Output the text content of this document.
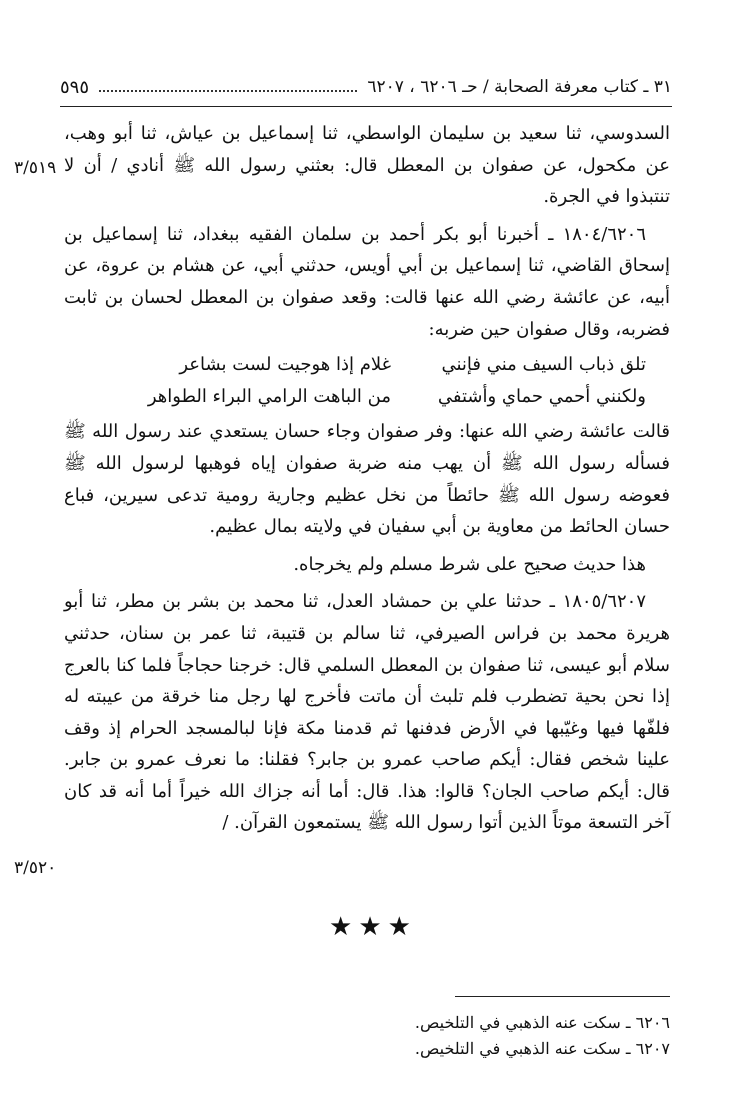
٣١ ـ كتاب معرفة الصحابة / حـ ٦٢٠٦ ، ٦٢٠٧
٥٩٥

السدوسي، ثنا سعيد بن سليمان الواسطي، ثنا إسماعيل بن عياش، ثنا أبو وهب، عن مكحول، عن صفوان بن المعطل قال: بعثني رسول الله ﷺ أنادي / أن لا تنتبذوا في الجرة.

١٨٠٤/٦٢٠٦ ـ أخبرنا أبو بكر أحمد بن سلمان الفقيه ببغداد، ثنا إسماعيل بن إسحاق القاضي، ثنا إسماعيل بن أبي أويس، حدثني أبي، عن هشام بن عروة، عن أبيه، عن عائشة رضي الله عنها قالت: وقعد صفوان بن المعطل لحسان بن ثابت فضربه، وقال صفوان حين ضربه:

تلق ذباب السيف مني فإنني
غلام إذا هوجيت لست بشاعر
ولكنني أحمي حماي وأشتفي
من الباهت الرامي البراء الطواهر

قالت عائشة رضي الله عنها: وفر صفوان وجاء حسان يستعدي عند رسول الله ﷺ فسأله رسول الله ﷺ أن يهب منه ضربة صفوان إياه فوهبها لرسول الله ﷺ فعوضه رسول الله ﷺ حائطاً من نخل عظيم وجارية رومية تدعى سيرين، فباع حسان الحائط من معاوية بن أبي سفيان في ولايته بمال عظيم.

هذا حديث صحيح على شرط مسلم ولم يخرجاه.

١٨٠٥/٦٢٠٧ ـ حدثنا علي بن حمشاد العدل، ثنا محمد بن بشر بن مطر، ثنا أبو هريرة محمد بن فراس الصيرفي، ثنا سالم بن قتيبة، ثنا عمر بن سنان، حدثني سلام أبو عيسى، ثنا صفوان بن المعطل السلمي قال: خرجنا حجاجاً فلما كنا بالعرج إذا نحن بحية تضطرب فلم تلبث أن ماتت فأخرج لها رجل منا خرقة من عيبته له فلفّها فيها وغيّبها في الأرض فدفنها ثم قدمنا مكة فإنا لبالمسجد الحرام إذ وقف علينا شخص فقال: أيكم صاحب عمرو بن جابر؟ فقلنا: ما نعرف عمرو بن جابر. قال: أيكم صاحب الجان؟ قالوا: هذا. قال: أما أنه جزاك الله خيراً أما أنه قد كان آخر التسعة موتاً الذين أتوا رسول الله ﷺ يستمعون القرآن. /

٣/٥١٩
٣/٥٢٠
★★★
٦٢٠٦ ـ سكت عنه الذهبي في التلخيص.
٦٢٠٧ ـ سكت عنه الذهبي في التلخيص.
